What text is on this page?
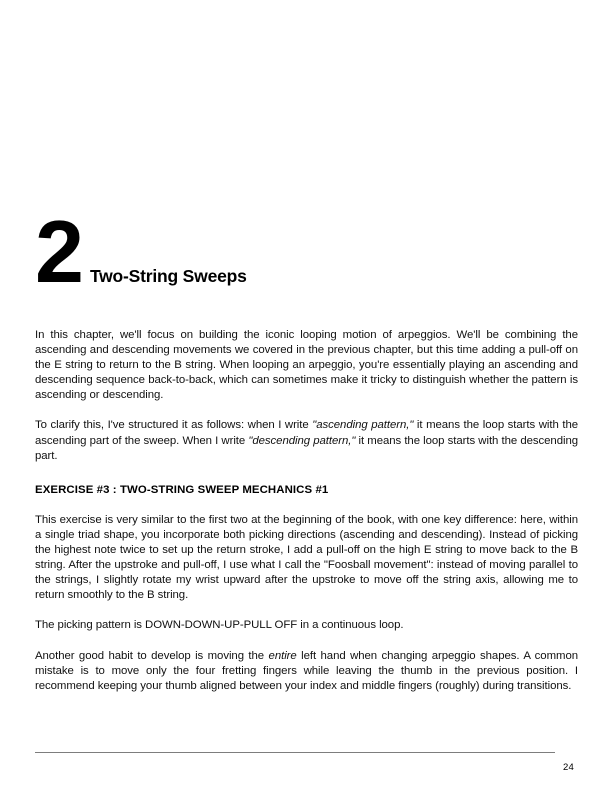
2 Two-String Sweeps

In this chapter, we'll focus on building the iconic looping motion of arpeggios. We'll be combining the ascending and descending movements we covered in the previous chapter, but this time adding a pull-off on the E string to return to the B string. When looping an arpeggio, you're essentially playing an ascending and descending sequence back-to-back, which can sometimes make it tricky to distinguish whether the pattern is ascending or descending.

To clarify this, I've structured it as follows: when I write "ascending pattern," it means the loop starts with the ascending part of the sweep. When I write "descending pattern," it means the loop starts with the descending part.

EXERCISE #3 : TWO-STRING SWEEP MECHANICS #1

This exercise is very similar to the first two at the beginning of the book, with one key difference: here, within a single triad shape, you incorporate both picking directions (ascending and descending). Instead of picking the highest note twice to set up the return stroke, I add a pull-off on the high E string to move back to the B string. After the upstroke and pull-off, I use what I call the "Foosball movement": instead of moving parallel to the strings, I slightly rotate my wrist upward after the upstroke to move off the string axis, allowing me to return smoothly to the B string.

The picking pattern is DOWN-DOWN-UP-PULL OFF in a continuous loop.

Another good habit to develop is moving the entire left hand when changing arpeggio shapes. A common mistake is to move only the four fretting fingers while leaving the thumb in the previous position. I recommend keeping your thumb aligned between your index and middle fingers (roughly) during transitions.

24
